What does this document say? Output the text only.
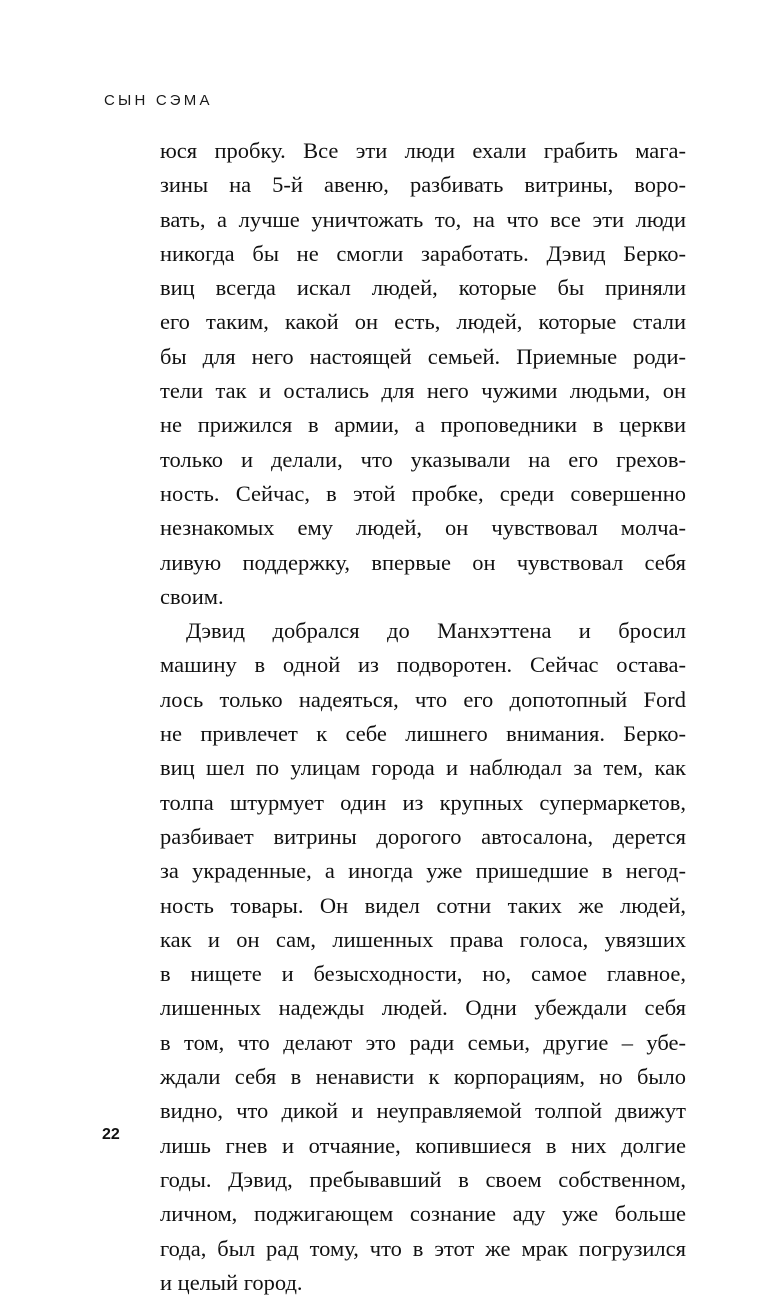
СЫН СЭМА
юся пробку. Все эти люди ехали грабить мага-
зины на 5-й авеню, разбивать витрины, воро-
вать, а лучше уничтожать то, на что все эти люди
никогда бы не смогли заработать. Дэвид Берко-
виц всегда искал людей, которые бы приняли
его таким, какой он есть, людей, которые стали
бы для него настоящей семьей. Приемные роди-
тели так и остались для него чужими людьми, он
не прижился в армии, а проповедники в церкви
только и делали, что указывали на его грехов-
ность. Сейчас, в этой пробке, среди совершенно
незнакомых ему людей, он чувствовал молча-
ливую поддержку, впервые он чувствовал себя
своим.
Дэвид добрался до Манхэттена и бросил
машину в одной из подворотен. Сейчас остава-
лось только надеяться, что его допотопный Ford
не привлечет к себе лишнего внимания. Берко-
виц шел по улицам города и наблюдал за тем, как
толпа штурмует один из крупных супермаркетов,
разбивает витрины дорогого автосалона, дерется
за украденные, а иногда уже пришедшие в негод-
ность товары. Он видел сотни таких же людей,
как и он сам, лишенных права голоса, увязших
в нищете и безысходности, но, самое главное,
лишенных надежды людей. Одни убеждали себя
в том, что делают это ради семьи, другие – убе-
ждали себя в ненависти к корпорациям, но было
видно, что дикой и неуправляемой толпой движут
лишь гнев и отчаяние, копившиеся в них долгие
годы. Дэвид, пребывавший в своем собственном,
личном, поджигающем сознание аду уже больше
года, был рад тому, что в этот же мрак погрузился
и целый город.
22
